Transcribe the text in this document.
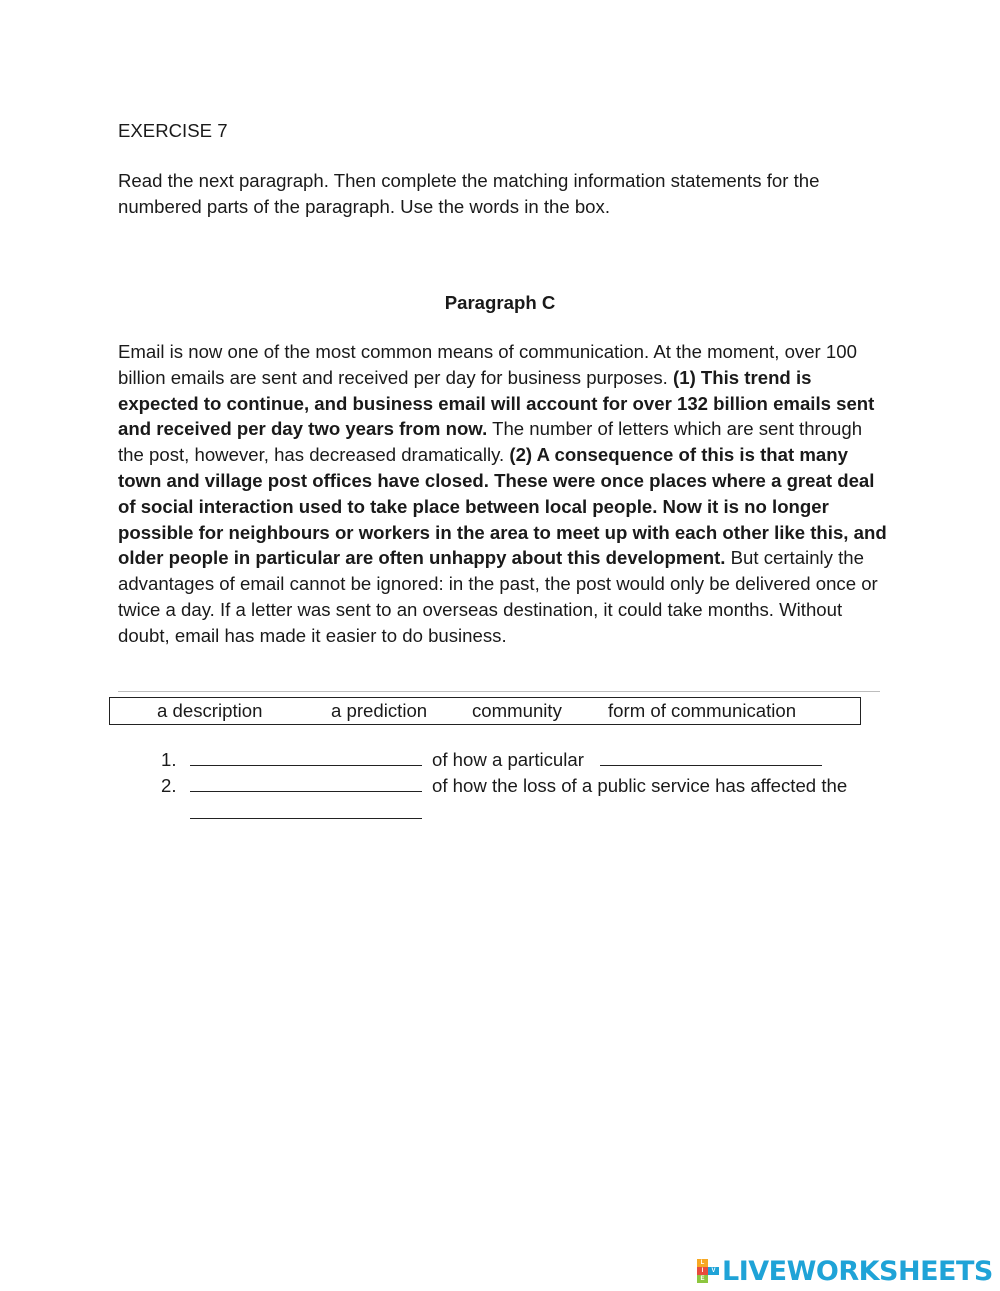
EXERCISE 7
Read the next paragraph. Then complete the matching information statements for the numbered parts of the paragraph. Use the words in the box.
Paragraph C
Email is now one of the most common means of communication. At the moment, over 100 billion emails are sent and received per day for business purposes. (1) This trend is expected to continue, and business email will account for over 132 billion emails sent and received per day two years from now. The number of letters which are sent through the post, however, has decreased dramatically. (2) A consequence of this is that many town and village post offices have closed. These were once places where a great deal of social interaction used to take place between local people. Now it is no longer possible for neighbours or workers in the area to meet up with each other like this, and older people in particular are often unhappy about this development. But certainly the advantages of email cannot be ignored: in the past, the post would only be delivered once or twice a day. If a letter was sent to an overseas destination, it could take months. Without doubt, email has made it easier to do business.
a description	a prediction community form of communication
1.	of how a particular
2.	of how the loss of a public service has affected the
L
I	V
E LIVEWORKSHEETS
